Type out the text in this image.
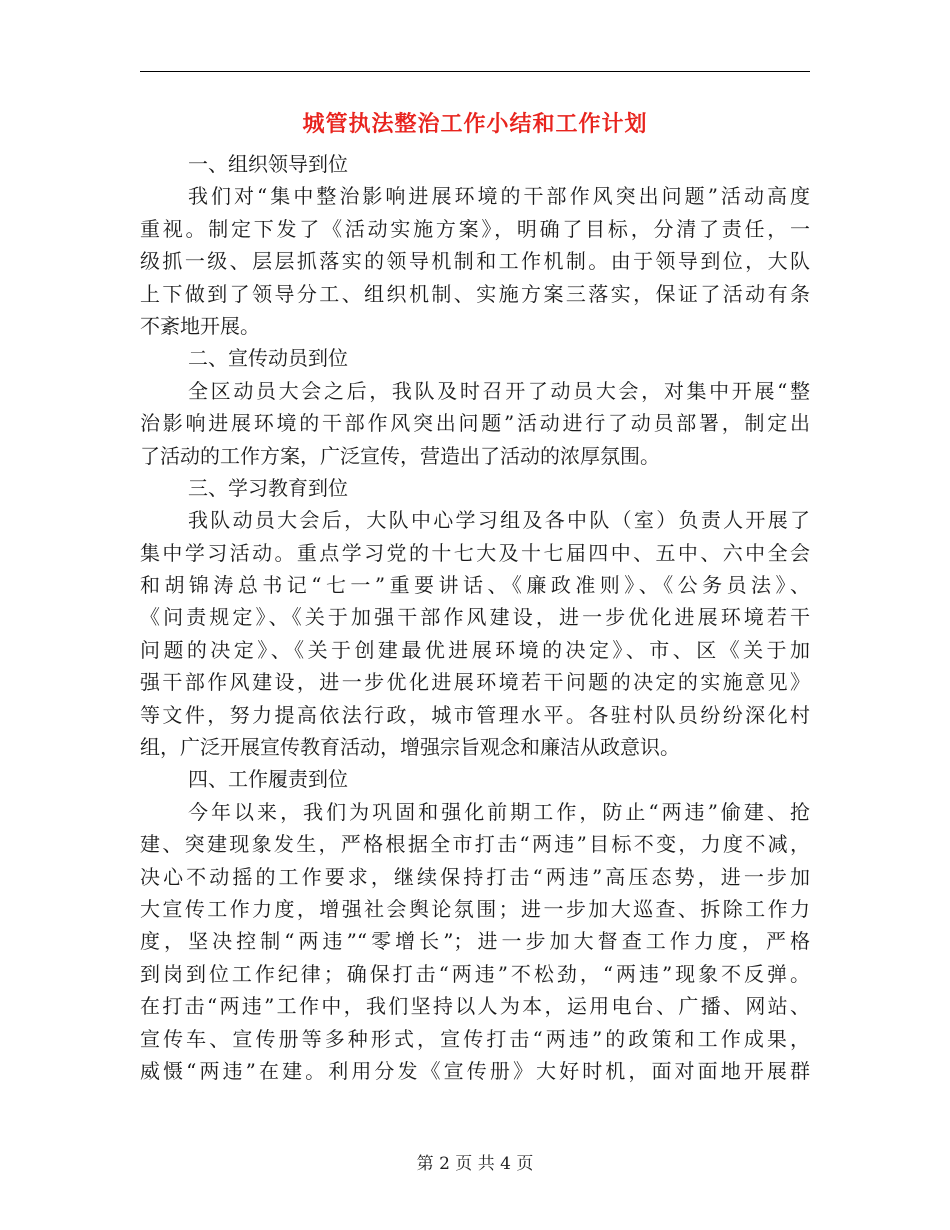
城管执法整治工作小结和工作计划
一、组织领导到位
我们对“集中整治影响进展环境的干部作风突出问题”活动高度
重视。制定下发了《活动实施方案》，明确了目标，分清了责任，一
级抓一级、层层抓落实的领导机制和工作机制。由于领导到位，大队
上下做到了领导分工、组织机制、实施方案三落实，保证了活动有条
不紊地开展。
二、宣传动员到位
全区动员大会之后，我队及时召开了动员大会，对集中开展“整
治影响进展环境的干部作风突出问题”活动进行了动员部署，制定出
了活动的工作方案，广泛宣传，营造出了活动的浓厚氛围。
三、学习教育到位
我队动员大会后，大队中心学习组及各中队（室）负责人开展了
集中学习活动。重点学习党的十七大及十七届四中、五中、六中全会
和胡锦涛总书记“七一”重要讲话、《廉政准则》、《公务员法》、
《问责规定》、《关于加强干部作风建设，进一步优化进展环境若干
问题的决定》、《关于创建最优进展环境的决定》、市、区《关于加
强干部作风建设，进一步优化进展环境若干问题的决定的实施意见》
等文件，努力提高依法行政，城市管理水平。各驻村队员纷纷深化村
组，广泛开展宣传教育活动，增强宗旨观念和廉洁从政意识。
四、工作履责到位
今年以来，我们为巩固和强化前期工作，防止“两违”偷建、抢
建、突建现象发生，严格根据全市打击“两违”目标不变，力度不减，
决心不动摇的工作要求，继续保持打击“两违”高压态势，进一步加
大宣传工作力度，增强社会舆论氛围；进一步加大巡查、拆除工作力
度，坚决控制“两违”“零增长”；进一步加大督查工作力度，严格
到岗到位工作纪律；确保打击“两违”不松劲，“两违”现象不反弹。
在打击“两违”工作中，我们坚持以人为本，运用电台、广播、网站、
宣传车、宣传册等多种形式，宣传打击“两违”的政策和工作成果，
威慑“两违”在建。利用分发《宣传册》大好时机，面对面地开展群
第 2 页 共 4 页
